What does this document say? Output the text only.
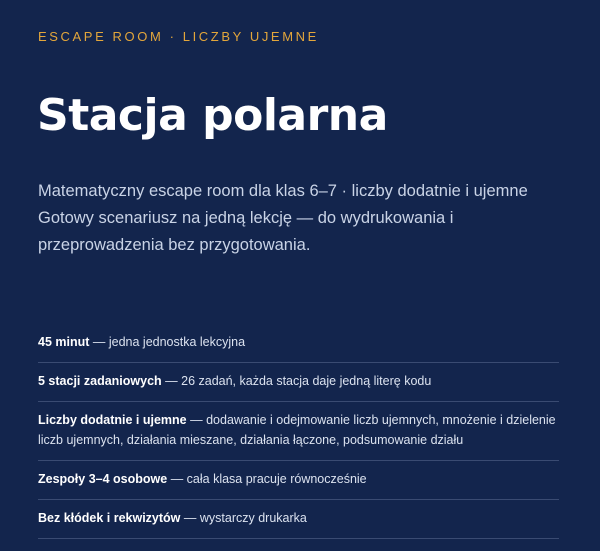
ESCAPE ROOM · LICZBY UJEMNE
Stacja polarna

Matematyczny escape room dla klas 6–7 · liczby dodatnie i ujemne
Gotowy scenariusz na jedną lekcję — do wydrukowania i
przeprowadzenia bez przygotowania.

45 minut — jedna jednostka lekcyjna
5 stacji zadaniowych — 26 zadań, każda stacja daje jedną literę kodu
Liczby dodatnie i ujemne — dodawanie i odejmowanie liczb ujemnych, mnożenie i dzielenie liczb ujemnych, działania mieszane, działania łączone, podsumowanie działu
Zespoły 3–4 osobowe — cała klasa pracuje równocześnie
Bez kłódek i rekwizytów — wystarczy drukarka
